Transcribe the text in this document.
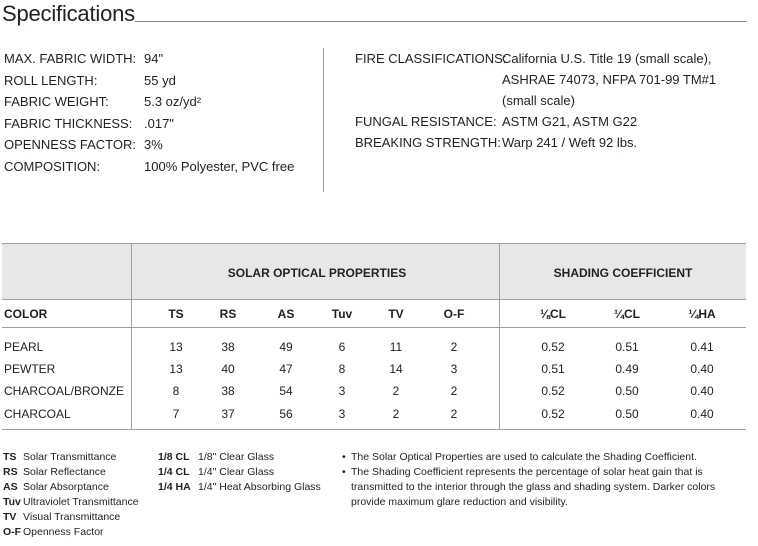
Specifications
MAX. FABRIC WIDTH: 94"
ROLL LENGTH:	55 yd
FABRIC WEIGHT:	5.3 oz/yd²
FABRIC THICKNESS: .017"
OPENNESS FACTOR: 3%
COMPOSITION:	100% Polyester, PVC free
FIRE CLASSIFICATIONS:
California U.S. Title 19 (small scale), ASHRAE 74073, NFPA 701-99 TM#1 (small scale)
FUNGAL RESISTANCE: ASTM G21, ASTM G22
BREAKING STRENGTH: Warp 241 / Weft 92 lbs.
SOLAR OPTICAL PROPERTIES	SHADING COEFFICIENT
COLOR	TS	RS	AS	Tuv	TV	O-F	⅛CL	¼CL	¼HA
PEARL	13	38	49	6	11	2	0.52	0.51	0.41
PEWTER	13	40	47	8	14	3	0.51	0.49	0.40
CHARCOAL/BRONZE	8	38	54	3	2	2	0.52	0.50	0.40
CHARCOAL	7	37	56	3	2	2	0.52	0.50	0.40
TS Solar Transmittance
RS Solar Reflectance
AS Solar Absorptance
Tuv Ultraviolet Transmittance
TV Visual Transmittance
O-F Openness Factor
1/8 CL 1/8" Clear Glass
1/4 CL 1/4" Clear Glass
1/4 HA 1/4" Heat Absorbing Glass
• The Solar Optical Properties are used to calculate the Shading Coefficient.
• The Shading Coefficient represents the percentage of solar heat gain that is transmitted to the interior through the glass and shading system. Darker colors provide maximum glare reduction and visibility.
